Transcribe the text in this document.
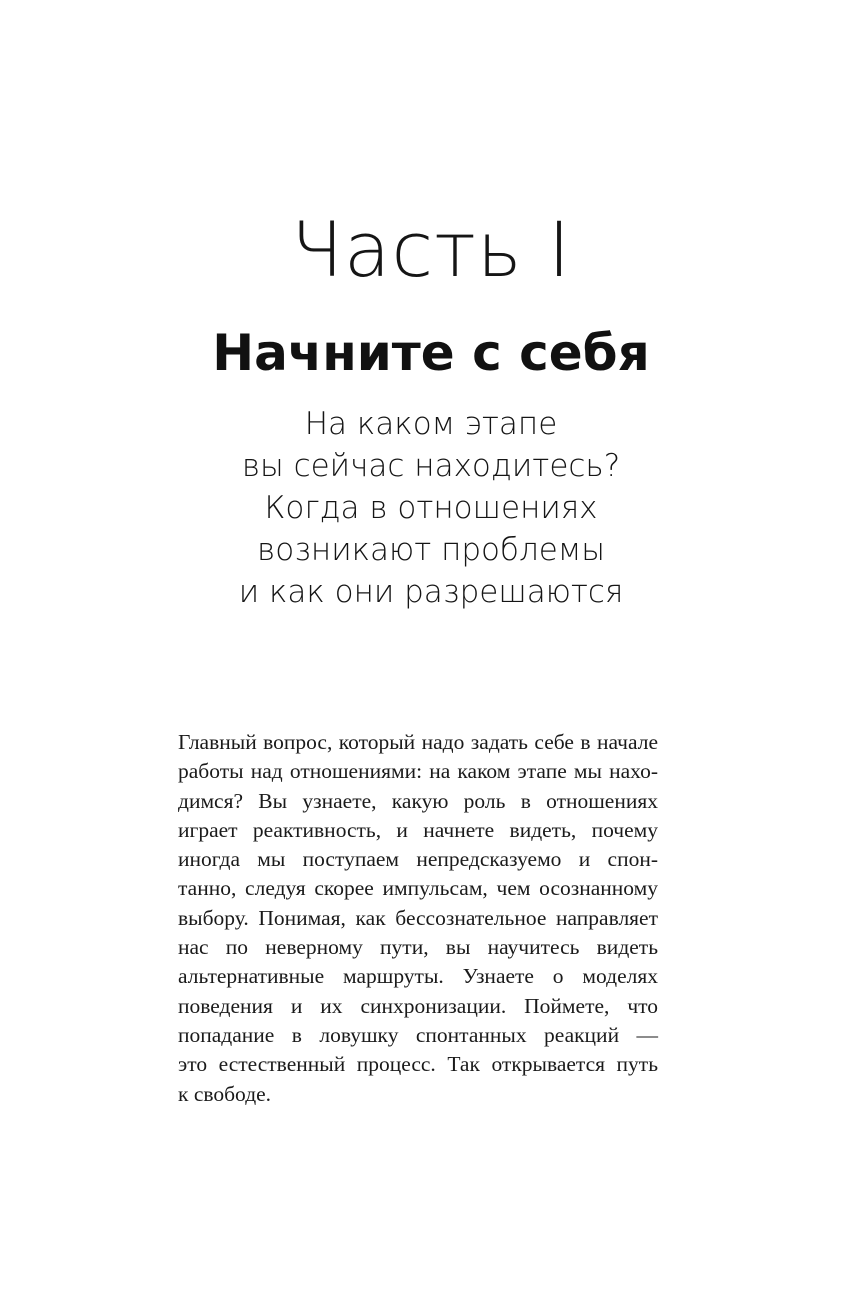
Часть I
Начните с себя
На каком этапе
вы сейчас находитесь?
Когда в отношениях
возникают проблемы
и как они разрешаются
Главный вопрос, который надо задать себе в начале
работы над отношениями: на каком этапе мы нахо-
димся? Вы узнаете, какую роль в отношениях
играет реактивность, и начнете видеть, почему
иногда мы поступаем непредсказуемо и спон-
танно, следуя скорее импульсам, чем осознанному
выбору. Понимая, как бессознательное направляет
нас по неверному пути, вы научитесь видеть
альтернативные маршруты. Узнаете о моделях
поведения и их синхронизации. Поймете, что
попадание в ловушку спонтанных реакций —
это естественный процесс. Так открывается путь
к свободе.
